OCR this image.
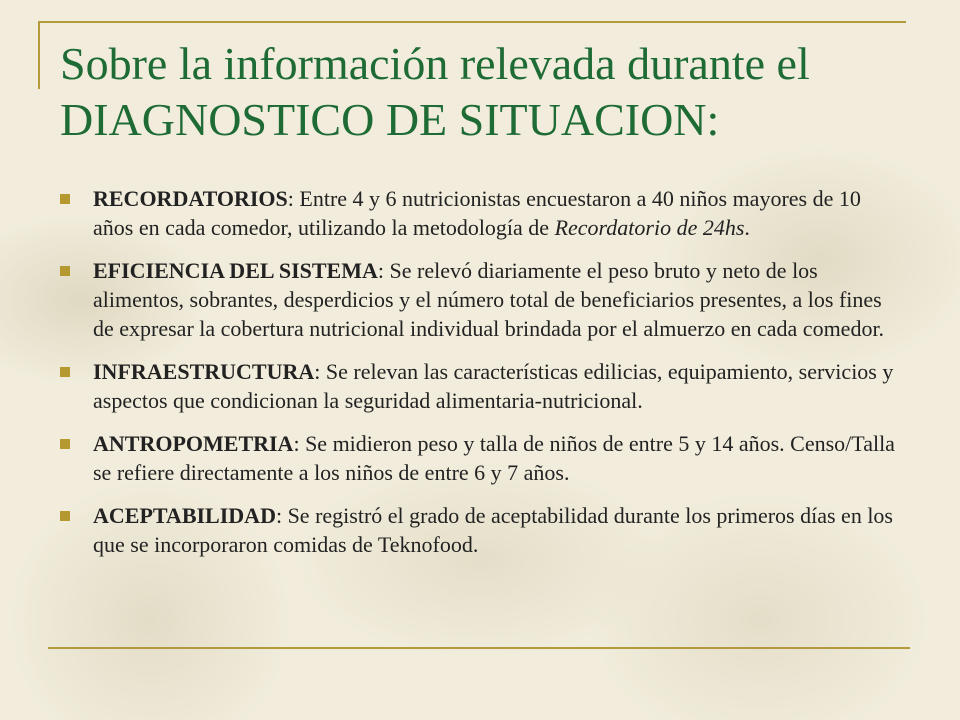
Sobre la información relevada durante el
DIAGNOSTICO DE SITUACION:
RECORDATORIOS: Entre 4 y 6 nutricionistas encuestaron a 40 niños mayores de 10 años en cada comedor, utilizando la metodología de Recordatorio de 24hs.
EFICIENCIA DEL SISTEMA: Se relevó diariamente el peso bruto y neto de los alimentos, sobrantes, desperdicios y el número total de beneficiarios presentes, a los fines de expresar la cobertura nutricional individual brindada por el almuerzo en cada comedor.
INFRAESTRUCTURA: Se relevan las características edilicias, equipamiento, servicios y aspectos que condicionan la seguridad alimentaria-nutricional.
ANTROPOMETRIA: Se midieron peso y talla de niños de entre 5 y 14 años. Censo/Talla se refiere directamente a los niños de entre 6 y 7 años.
ACEPTABILIDAD: Se registró el grado de aceptabilidad durante los primeros días en los que se incorporaron comidas de Teknofood.
